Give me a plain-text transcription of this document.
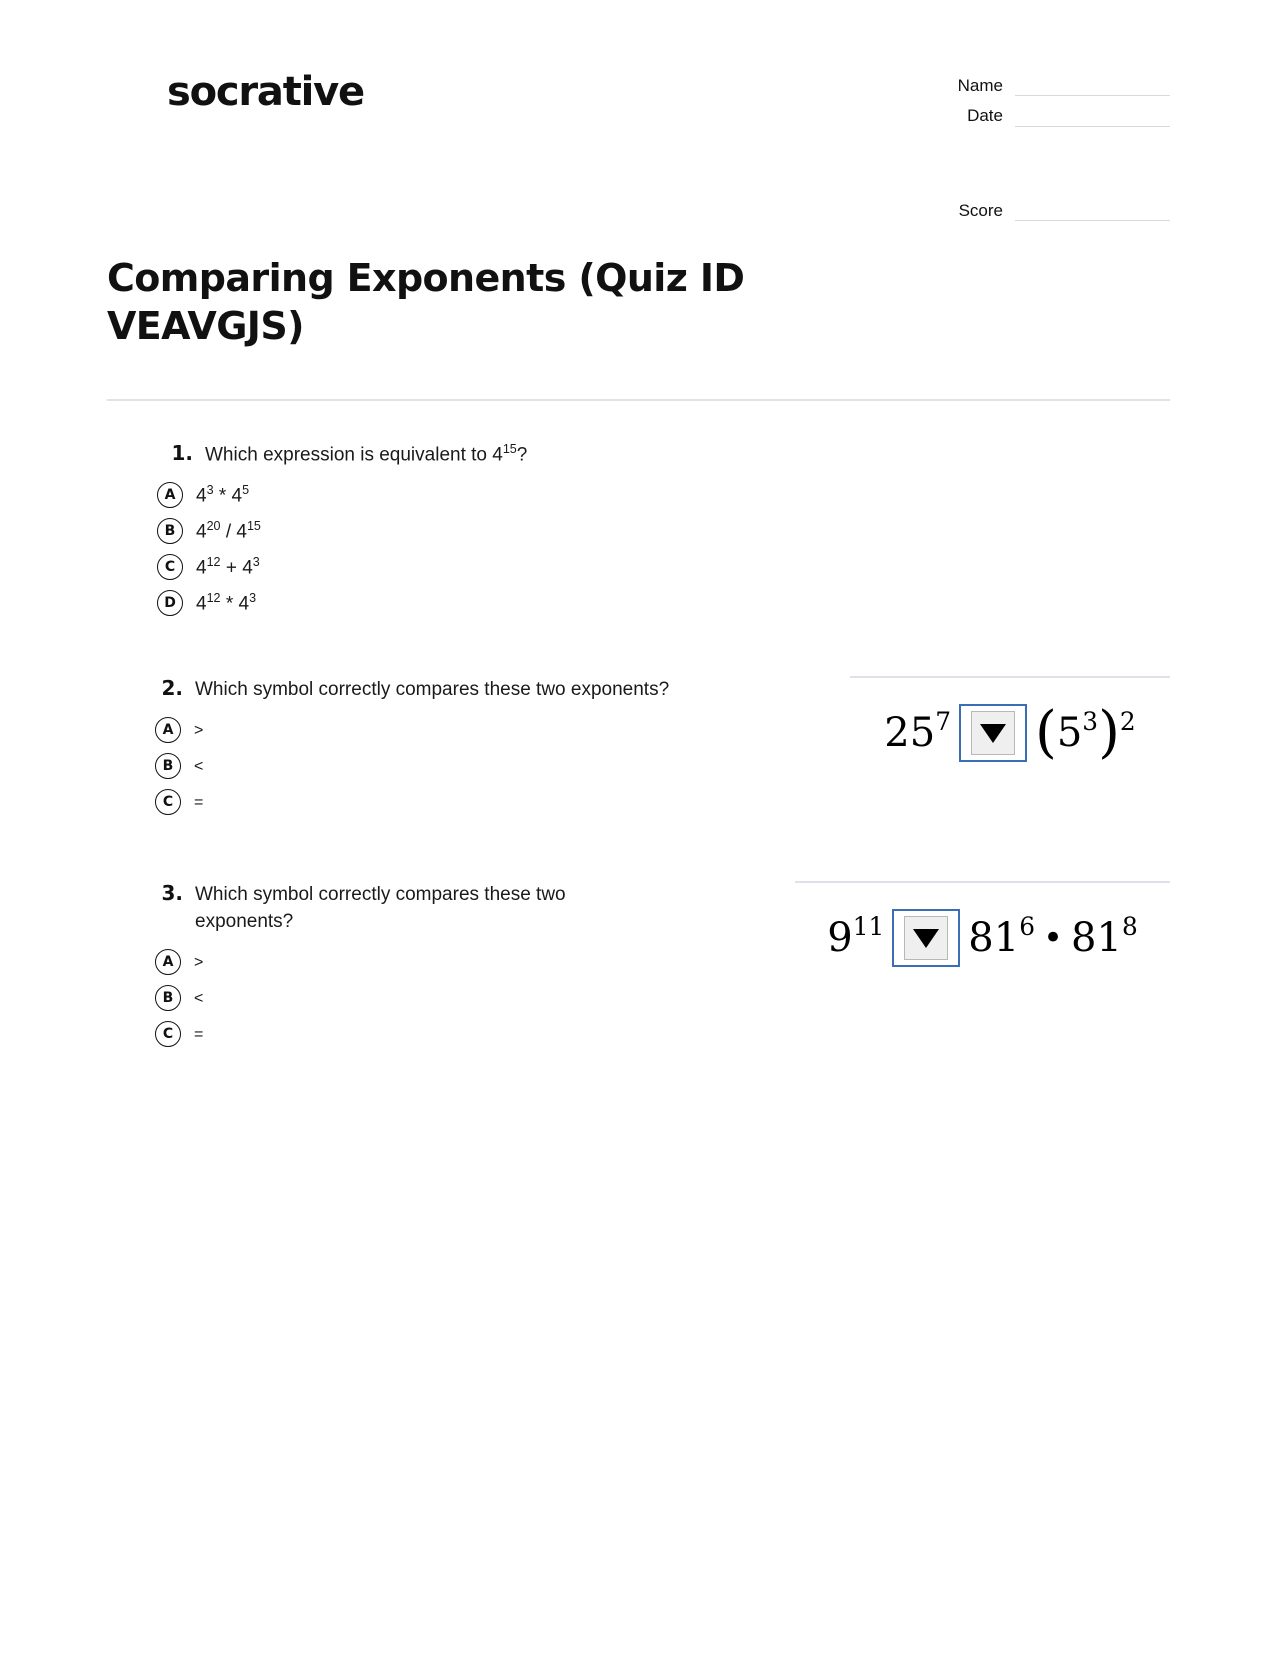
socrative	Name
Date
Score
Comparing Exponents (Quiz ID VEAVGJS)
1. Which expression is equivalent to $4^{15}$?
A	$4^3 * 4^5$
B	$4^{20} / 4^{15}$
C	$4^{12} + 4^3$
D	$4^{12} * 4^3$
2. Which symbol correctly compares these two exponents?
A	>
B	<
C	=
$25^7$ ( $5^3$ )$^2$
3. Which symbol correctly compares these two exponents?
A	>
B	<
C	=
$9^{11}$ $81^6$ • $81^8$
